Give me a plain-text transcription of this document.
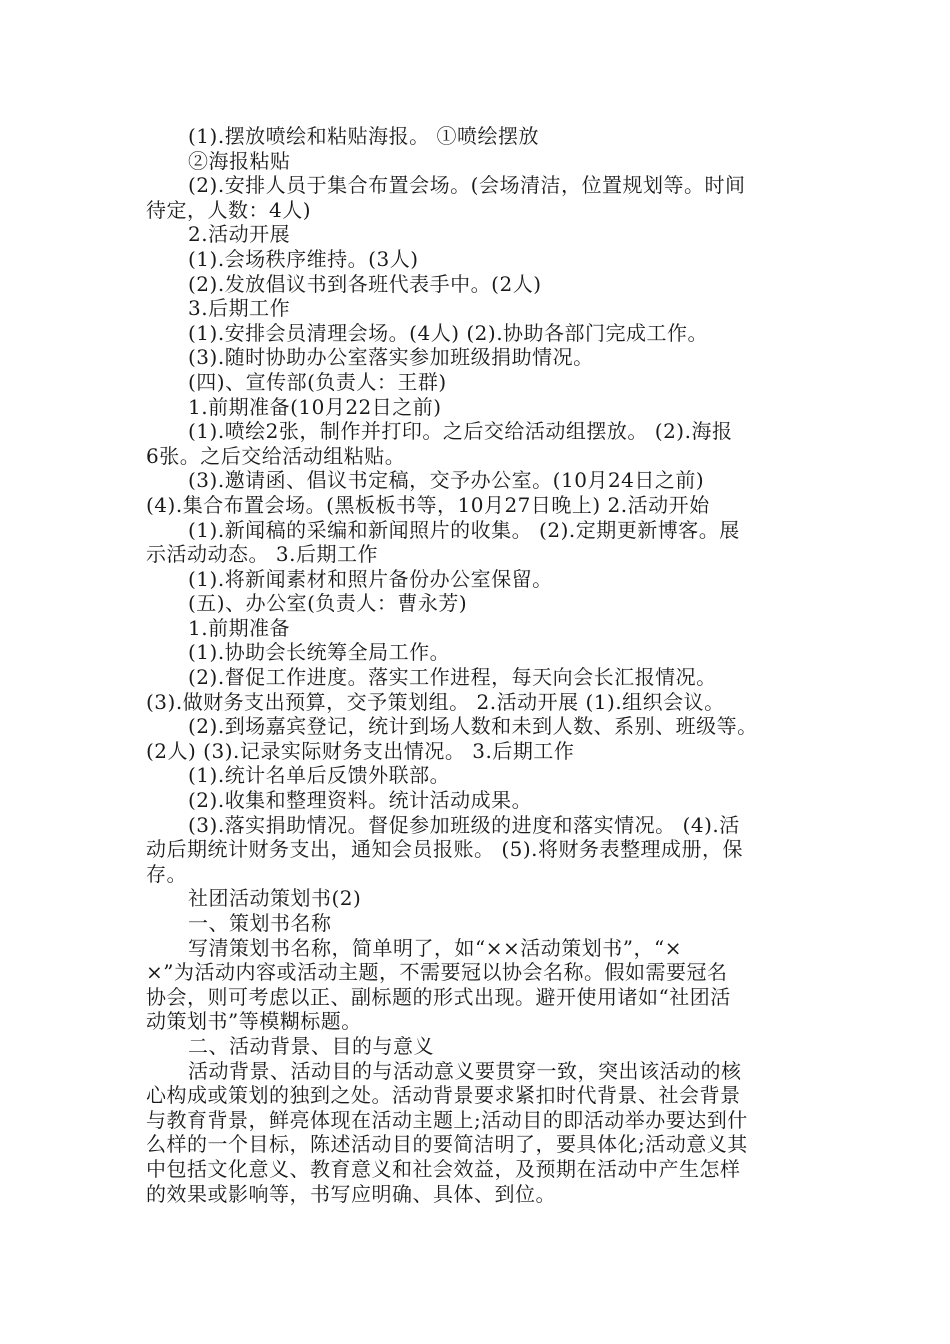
(1).摆放喷绘和粘贴海报。 ①喷绘摆放
②海报粘贴
(2).安排人员于集合布置会场。(会场清洁，位置规划等。时间
待定，人数：4人)
2.活动开展
(1).会场秩序维持。(3人)
(2).发放倡议书到各班代表手中。(2人)
3.后期工作
(1).安排会员清理会场。(4人) (2).协助各部门完成工作。
(3).随时协助办公室落实参加班级捐助情况。
(四)、宣传部(负责人：王群)
1.前期准备(10月22日之前)
(1).喷绘2张，制作并打印。之后交给活动组摆放。 (2).海报
6张。之后交给活动组粘贴。
(3).邀请函、倡议书定稿，交予办公室。(10月24日之前)
(4).集合布置会场。(黑板板书等，10月27日晚上) 2.活动开始
(1).新闻稿的采编和新闻照片的收集。 (2).定期更新博客。展
示活动动态。 3.后期工作
(1).将新闻素材和照片备份办公室保留。
(五)、办公室(负责人：曹永芳)
1.前期准备
(1).协助会长统筹全局工作。
(2).督促工作进度。落实工作进程，每天向会长汇报情况。
(3).做财务支出预算，交予策划组。 2.活动开展 (1).组织会议。
(2).到场嘉宾登记，统计到场人数和未到人数、系别、班级等。
(2人) (3).记录实际财务支出情况。 3.后期工作
(1).统计名单后反馈外联部。
(2).收集和整理资料。统计活动成果。
(3).落实捐助情况。督促参加班级的进度和落实情况。 (4).活
动后期统计财务支出，通知会员报账。 (5).将财务表整理成册，保
存。
社团活动策划书(2)
一、策划书名称
写清策划书名称，简单明了，如“××活动策划书”，“×
×”为活动内容或活动主题，不需要冠以协会名称。假如需要冠名
协会，则可考虑以正、副标题的形式出现。避开使用诸如“社团活
动策划书”等模糊标题。
二、活动背景、目的与意义
活动背景、活动目的与活动意义要贯穿一致，突出该活动的核
心构成或策划的独到之处。活动背景要求紧扣时代背景、社会背景
与教育背景，鲜亮体现在活动主题上;活动目的即活动举办要达到什
么样的一个目标，陈述活动目的要简洁明了，要具体化;活动意义其
中包括文化意义、教育意义和社会效益，及预期在活动中产生怎样
的效果或影响等，书写应明确、具体、到位。
